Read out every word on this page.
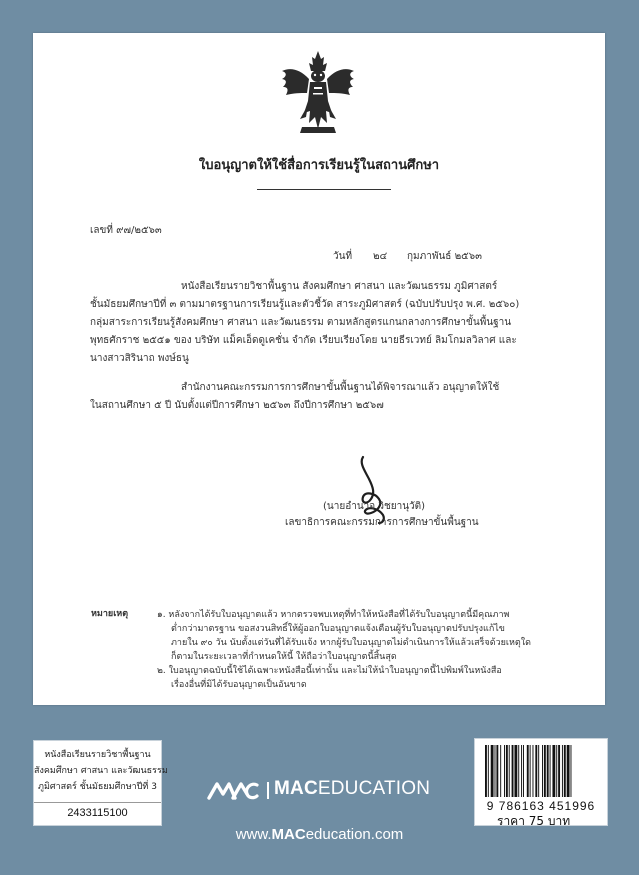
ใบอนุญาตให้ใช้สื่อการเรียนรู้ในสถานศึกษา
เลขที่ ๙๗/๒๕๖๓
วันที่ ๒๔ กุมภาพันธ์ ๒๕๖๓
หนังสือเรียนรายวิชาพื้นฐาน สังคมศึกษา ศาสนา และวัฒนธรรม ภูมิศาสตร์
ชั้นมัธยมศึกษาปีที่ ๓ ตามมาตรฐานการเรียนรู้และตัวชี้วัด สาระภูมิศาสตร์ (ฉบับปรับปรุง พ.ศ. ๒๕๖๐)
กลุ่มสาระการเรียนรู้สังคมศึกษา ศาสนา และวัฒนธรรม ตามหลักสูตรแกนกลางการศึกษาขั้นพื้นฐาน
พุทธศักราช ๒๕๕๑ ของ บริษัท แม็คเอ็ดดูเคชั่น จำกัด เรียบเรียงโดย นายธีรเวทย์ ลิมโกมลวิลาศ และ
นางสาวสิรินาถ พงษ์ธนู
สำนักงานคณะกรรมการการศึกษาขั้นพื้นฐานได้พิจารณาแล้ว อนุญาตให้ใช้
ในสถานศึกษา ๕ ปี นับตั้งแต่ปีการศึกษา ๒๕๖๓ ถึงปีการศึกษา ๒๕๖๗
(นายอำนาจ วิชยานุวัติ)
เลขาธิการคณะกรรมการการศึกษาขั้นพื้นฐาน
หมายเหตุ	๑. หลังจากได้รับใบอนุญาตแล้ว หากตรวจพบเหตุที่ทำให้หนังสือที่ได้รับใบอนุญาตนี้มีคุณภาพ
ต่ำกว่ามาตรฐาน ขอสงวนสิทธิ์ให้ผู้ออกใบอนุญาตแจ้งเตือนผู้รับใบอนุญาตปรับปรุงแก้ไข
ภายใน ๙๐ วัน นับตั้งแต่วันที่ได้รับแจ้ง หากผู้รับใบอนุญาตไม่ดำเนินการให้แล้วเสร็จด้วยเหตุใด
ก็ตามในระยะเวลาที่กำหนดให้นี้ ให้ถือว่าใบอนุญาตนี้สิ้นสุด
๒. ใบอนุญาตฉบับนี้ใช้ได้เฉพาะหนังสือนี้เท่านั้น และไม่ให้นำใบอนุญาตนี้ไปพิมพ์ในหนังสือ
เรื่องอื่นที่มิได้รับอนุญาตเป็นอันขาด
หนังสือเรียนรายวิชาพื้นฐาน
สังคมศึกษา ศาสนา และวัฒนธรรม
ภูมิศาสตร์ ชั้นมัธยมศึกษาปีที่ 3
2433115100
MACEDUCATION
www.MACeducation.com
9 786163 451996
ราคา 75 บาท
